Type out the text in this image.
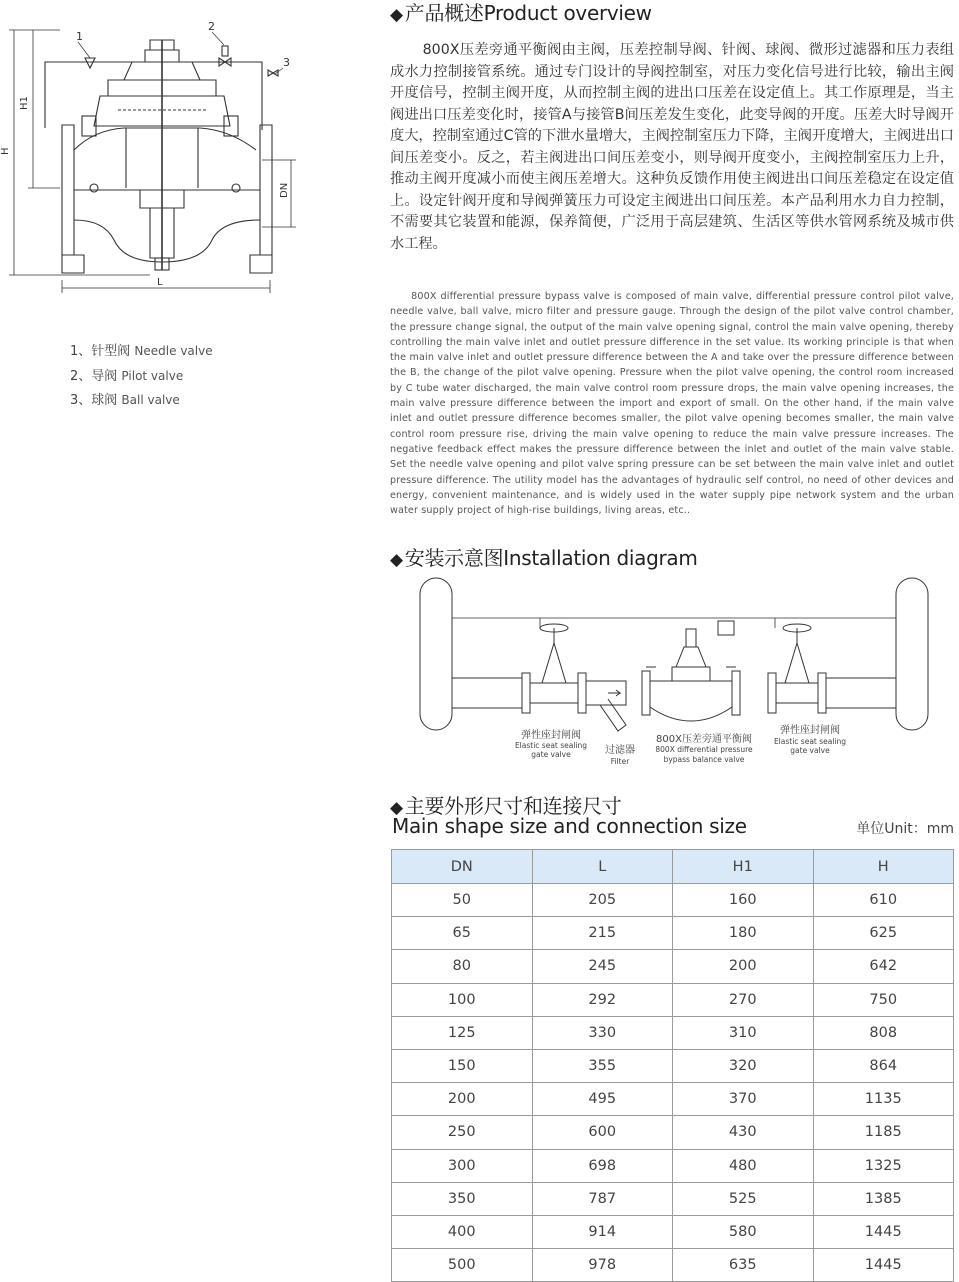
H
H1
DN
L
1
2
3
1、针型阀 Needle valve
2、导阀 Pilot valve
3、球阀 Ball valve
◆ 产品概述Product overview

800X压差旁通平衡阀由主阀，压差控制导阀、针阀、球阀、微形过滤器和压力表组成水力控制接管系统。通过专门设计的导阀控制室，对压力变化信号进行比较，输出主阀开度信号，控制主阀开度，从而控制主阀的进出口压差在设定值上。其工作原理是，当主阀进出口压差变化时，接管A与接管B间压差发生变化，此变导阀的开度。压差大时导阀开度大，控制室通过C管的下泄水量增大，主阀控制室压力下降，主阀开度增大，主阀进出口间压差变小。反之，若主阀进出口间压差变小，则导阀开度变小，主阀控制室压力上升，推动主阀开度减小而使主阀压差增大。这种负反馈作用使主阀进出口间压差稳定在设定值上。设定针阀开度和导阀弹簧压力可设定主阀进出口间压差。本产品利用水力自力控制，不需要其它装置和能源，保养简便，广泛用于高层建筑、生活区等供水管网系统及城市供水工程。

800X differential pressure bypass valve is composed of main valve, differential pressure control pilot valve, needle valve, ball valve, micro filter and pressure gauge. Through the design of the pilot valve control chamber, the pressure change signal, the output of the main valve opening signal, control the main valve opening, thereby controlling the main valve inlet and outlet pressure difference in the set value. Its working principle is that when the main valve inlet and outlet pressure difference between the A and take over the pressure difference between the B, the change of the pilot valve opening. Pressure when the pilot valve opening, the control room increased by C tube water discharged, the main valve control room pressure drops, the main valve opening increases, the main valve pressure difference between the import and export of small. On the other hand, if the main valve inlet and outlet pressure difference becomes smaller, the pilot valve opening becomes smaller, the main valve control room pressure rise, driving the main valve opening to reduce the main valve pressure increases. The negative feedback effect makes the pressure difference between the inlet and outlet of the main valve stable. Set the needle valve opening and pilot valve spring pressure can be set between the main valve inlet and outlet pressure difference. The utility model has the advantages of hydraulic self control, no need of other devices and energy, convenient maintenance, and is widely used in the water supply pipe network system and the urban water supply project of high-rise buildings, living areas, etc..

◆ 安装示意图Installation diagram
弹性座封闸阀
Elastic seat sealing
gate valve	过滤器
Filter
800X压差旁通平衡阀
800X differential pressure
bypass balance valve
弹性座封闸阀
Elastic seat sealing
gate valve
◆ 主要外形尺寸和连接尺寸
Main shape size and connection size	单位Unit：mm
DN	L	H1	H
50	205	160	610
65	215	180	625
80	245	200	642
100	292	270	750
125	330	310	808
150	355	320	864
200	495	370	1135
250	600	430	1185
300	698	480	1325
350	787	525	1385
400	914	580	1445
500	978	635	1445
